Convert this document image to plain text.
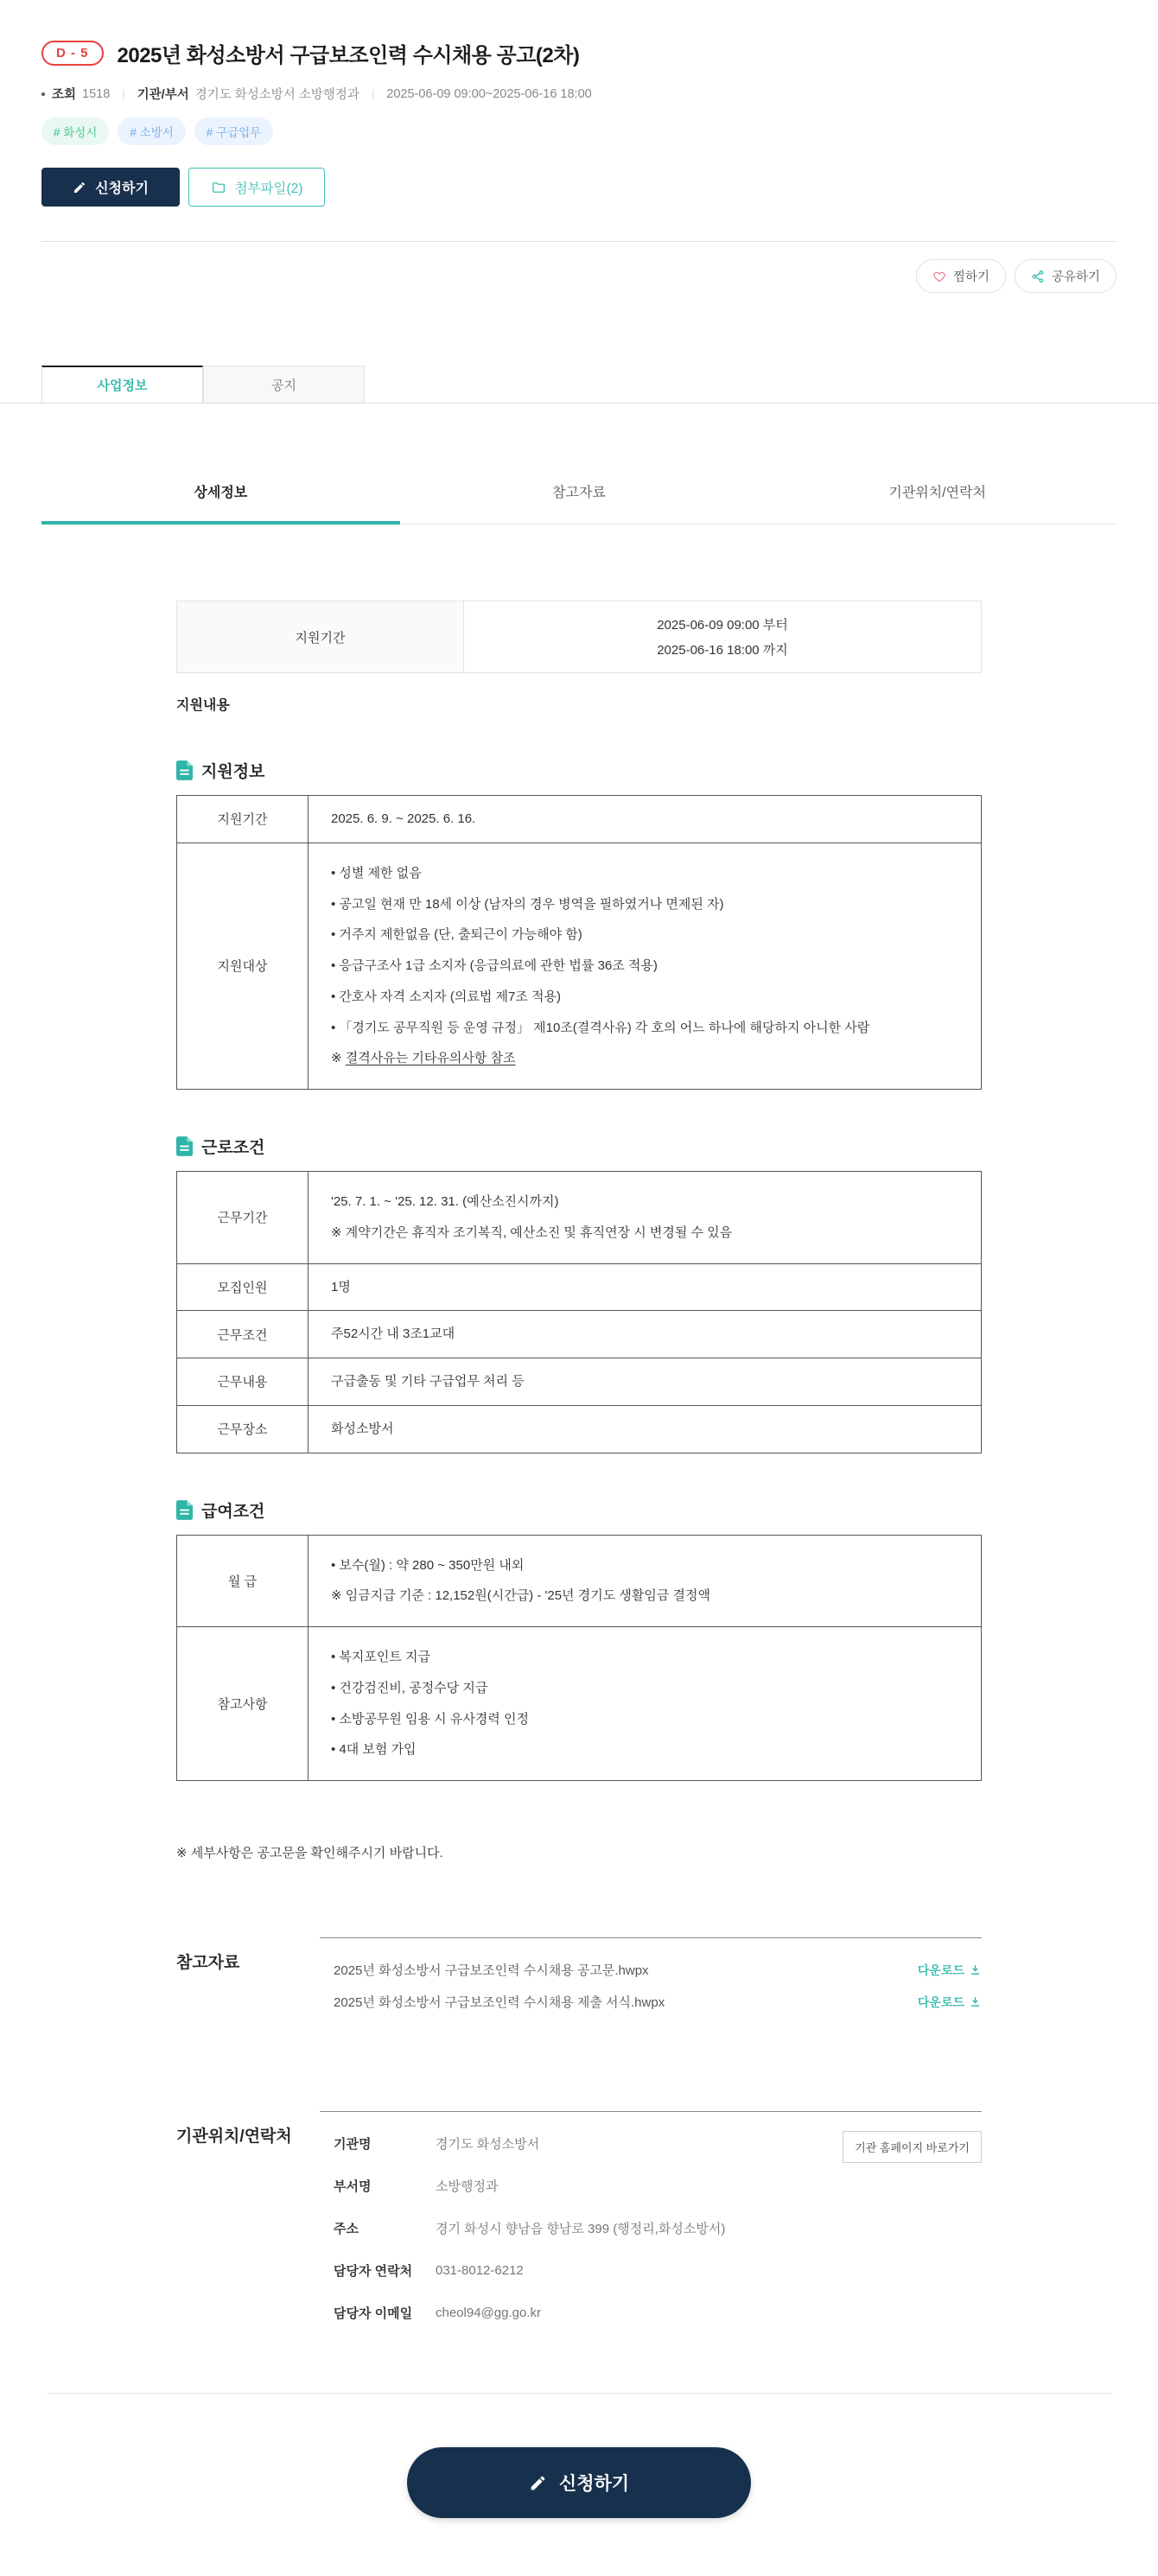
D - 5	2025년 화성소방서 구급보조인력 수시채용 공고(2차)
조회 1518 | 기관/부서 경기도 화성소방서 소방행정과 | 2025-06-09 09:00~2025-06-16 18:00
# 화성시	# 소방서	# 구급업무
신청하기	첨부파일(2)
찜하기	공유하기
사업정보	공지
상세정보	참고자료	기관위치/연락처
지원기간
2025-06-09 09:00 부터
2025-06-16 18:00 까지
지원내용
지원정보
지원기간	2025. 6. 9. ~ 2025. 6. 16.

지원대상

• 성별 제한 없음

• 공고일 현재 만 18세 이상 (남자의 경우 병역을 필하였거나 면제된 자)

• 거주지 제한없음 (단, 출퇴근이 가능해야 함)

• 응급구조사 1급 소지자 (응급의료에 관한 법률 36조 적용)

• 간호사 자격 소지자 (의료법 제7조 적용)

• 「경기도 공무직원 등 운영 규정」 제10조(결격사유) 각 호의 어느 하나에 해당하지 아니한 사람

※ 결격사유는 기타유의사항 참조

근로조건
근무기간

'25. 7. 1. ~ '25. 12. 31. (예산소진시까지)

※ 계약기간은 휴직자 조기복직, 예산소진 및 휴직연장 시 변경될 수 있음

모집인원	1명

근무조건	주52시간 내 3조1교대

근무내용	구급출동 및 기타 구급업무 처리 등

근무장소	화성소방서

급여조건
월 급

• 보수(월) : 약 280 ~ 350만원 내외

※ 임금지급 기준 : 12,152원(시간급) - '25년 경기도 생활임금 결정액

참고사항

• 복지포인트 지급

• 건강검진비, 공정수당 지급

• 소방공무원 임용 시 유사경력 인정

• 4대 보험 가입

※ 세부사항은 공고문을 확인해주시기 바랍니다.

참고자료	2025년 화성소방서 구급보조인력 수시채용 공고문.hwpx	다운로드
2025년 화성소방서 구급보조인력 수시채용 제출 서식.hwpx	다운로드
기관위치/연락처
기관 홈페이지 바로가기
기관명	경기도 화성소방서
부서명	소방행정과
주소	경기 화성시 향남읍 향남로 399 (행정리,화성소방서)
담당자 연락처	031-8012-6212
담당자 이메일	cheol94@gg.go.kr
신청하기
